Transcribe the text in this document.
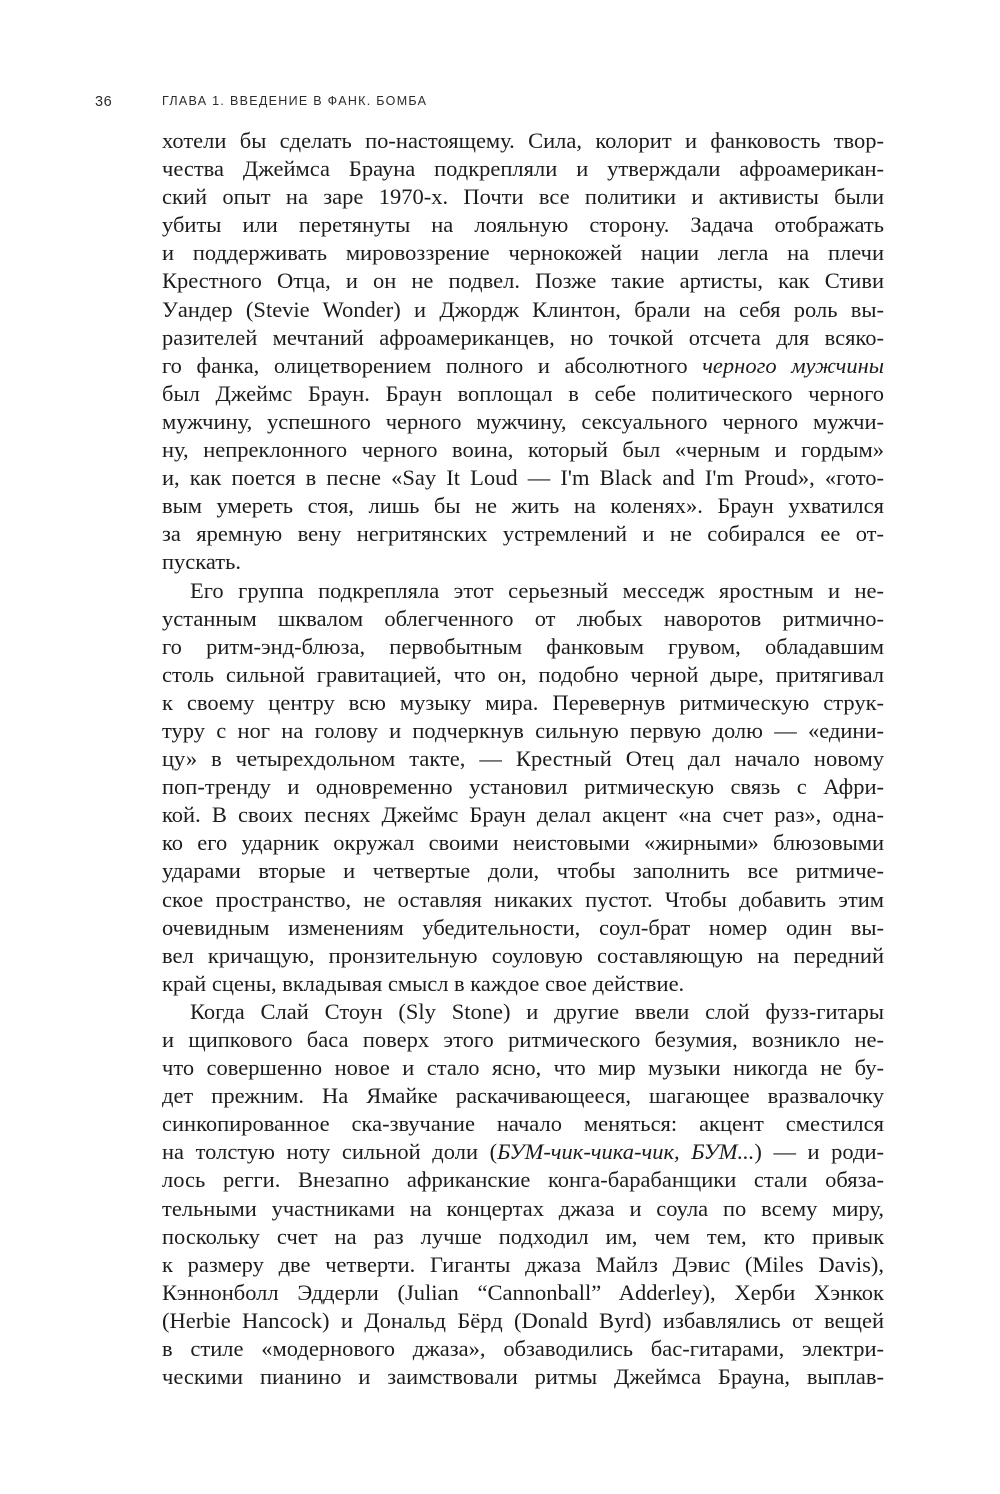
36	ГЛАВА 1. ВВЕДЕНИЕ В ФАНК. БОМБА
хотели бы сделать по-настоящему. Сила, колорит и фанковость твор-
чества Джеймса Брауна подкрепляли и утверждали афроамерикан-
ский опыт на заре 1970-х. Почти все политики и активисты были
убиты или перетянуты на лояльную сторону. Задача отображать
и поддерживать мировоззрение чернокожей нации легла на плечи
Крестного Отца, и он не подвел. Позже такие артисты, как Стиви
Уандер (Stevie Wonder) и Джордж Клинтон, брали на себя роль вы-
разителей мечтаний афроамериканцев, но точкой отсчета для всяко-
го фанка, олицетворением полного и абсолютного черного мужчины
был Джеймс Браун. Браун воплощал в себе политического черного
мужчину, успешного черного мужчину, сексуального черного мужчи-
ну, непреклонного черного воина, который был «черным и гордым»
и, как поется в песне «Say It Loud — I'm Black and I'm Proud», «гото-
вым умереть стоя, лишь бы не жить на коленях». Браун ухватился
за яремную вену негритянских устремлений и не собирался ее от-
пускать.
Его группа подкрепляла этот серьезный месседж яростным и не-
устанным шквалом облегченного от любых наворотов ритмично-
го ритм-энд-блюза, первобытным фанковым грувом, обладавшим
столь сильной гравитацией, что он, подобно черной дыре, притягивал
к своему центру всю музыку мира. Перевернув ритмическую струк-
туру с ног на голову и подчеркнув сильную первую долю — «едини-
цу» в четырехдольном такте, — Крестный Отец дал начало новому
поп-тренду и одновременно установил ритмическую связь с Афри-
кой. В своих песнях Джеймс Браун делал акцент «на счет раз», одна-
ко его ударник окружал своими неистовыми «жирными» блюзовыми
ударами вторые и четвертые доли, чтобы заполнить все ритмиче-
ское пространство, не оставляя никаких пустот. Чтобы добавить этим
очевидным изменениям убедительности, соул-брат номер один вы-
вел кричащую, пронзительную соуловую составляющую на передний
край сцены, вкладывая смысл в каждое свое действие.
Когда Слай Стоун (Sly Stone) и другие ввели слой фузз-гитары
и щипкового баса поверх этого ритмического безумия, возникло не-
что совершенно новое и стало ясно, что мир музыки никогда не бу-
дет прежним. На Ямайке раскачивающееся, шагающее вразвалочку
синкопированное ска-звучание начало меняться: акцент сместился
на толстую ноту сильной доли (БУМ-чик-чика-чик, БУМ...) — и роди-
лось регги. Внезапно африканские конга-барабанщики стали обяза-
тельными участниками на концертах джаза и соула по всему миру,
поскольку счет на раз лучше подходил им, чем тем, кто привык
к размеру две четверти. Гиганты джаза Майлз Дэвис (Miles Davis),
Кэннонболл Эддерли (Julian “Cannonball” Adderley), Херби Хэнкок
(Herbie Hancock) и Дональд Бёрд (Donald Byrd) избавлялись от вещей
в стиле «модернового джаза», обзаводились бас-гитарами, электри-
ческими пианино и заимствовали ритмы Джеймса Брауна, выплав-
